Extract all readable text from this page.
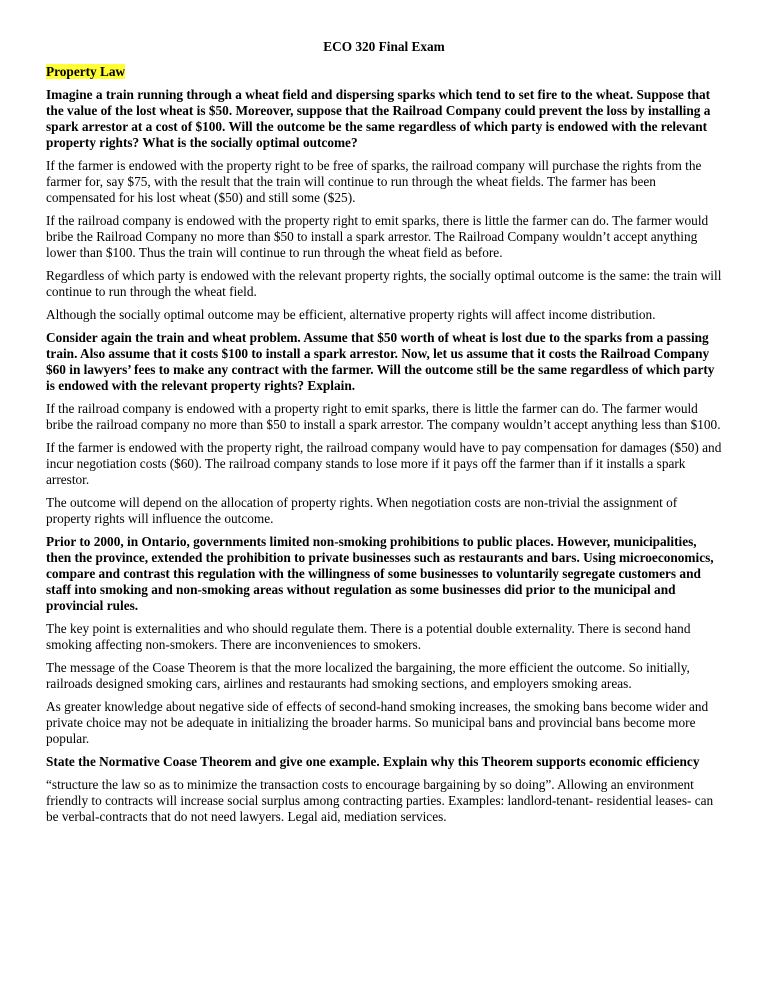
ECO 320 Final Exam
Property Law

Imagine a train running through a wheat field and dispersing sparks which tend to set fire to the wheat. Suppose that the value of the lost wheat is $50. Moreover, suppose that the Railroad Company could prevent the loss by installing a spark arrestor at a cost of $100. Will the outcome be the same regardless of which party is endowed with the relevant property rights? What is the socially optimal outcome?

If the farmer is endowed with the property right to be free of sparks, the railroad company will purchase the rights from the farmer for, say $75, with the result that the train will continue to run through the wheat fields. The farmer has been compensated for his lost wheat ($50) and still some ($25).

If the railroad company is endowed with the property right to emit sparks, there is little the farmer can do. The farmer would bribe the Railroad Company no more than $50 to install a spark arrestor. The Railroad Company wouldn’t accept anything lower than $100. Thus the train will continue to run through the wheat field as before.

Regardless of which party is endowed with the relevant property rights, the socially optimal outcome is the same: the train will continue to run through the wheat field.

Although the socially optimal outcome may be efficient, alternative property rights will affect income distribution.

Consider again the train and wheat problem. Assume that $50 worth of wheat is lost due to the sparks from a passing train. Also assume that it costs $100 to install a spark arrestor. Now, let us assume that it costs the Railroad Company $60 in lawyers’ fees to make any contract with the farmer. Will the outcome still be the same regardless of which party is endowed with the relevant property rights? Explain.

If the railroad company is endowed with a property right to emit sparks, there is little the farmer can do. The farmer would bribe the railroad company no more than $50 to install a spark arrestor. The company wouldn’t accept anything less than $100.

If the farmer is endowed with the property right, the railroad company would have to pay compensation for damages ($50) and incur negotiation costs ($60). The railroad company stands to lose more if it pays off the farmer than if it installs a spark arrestor.

The outcome will depend on the allocation of property rights. When negotiation costs are non-trivial the assignment of property rights will influence the outcome.

Prior to 2000, in Ontario, governments limited non-smoking prohibitions to public places. However, municipalities, then the province, extended the prohibition to private businesses such as restaurants and bars. Using microeconomics, compare and contrast this regulation with the willingness of some businesses to voluntarily segregate customers and staff into smoking and non-smoking areas without regulation as some businesses did prior to the municipal and provincial rules.

The key point is externalities and who should regulate them. There is a potential double externality. There is second hand smoking affecting non-smokers. There are inconveniences to smokers.

The message of the Coase Theorem is that the more localized the bargaining, the more efficient the outcome. So initially, railroads designed smoking cars, airlines and restaurants had smoking sections, and employers smoking areas.

As greater knowledge about negative side of effects of second-hand smoking increases, the smoking bans become wider and private choice may not be adequate in initializing the broader harms. So municipal bans and provincial bans become more popular.

State the Normative Coase Theorem and give one example. Explain why this Theorem supports economic efficiency

“structure the law so as to minimize the transaction costs to encourage bargaining by so doing”. Allowing an environment friendly to contracts will increase social surplus among contracting parties. Examples: landlord-tenant- residential leases- can be verbal-contracts that do not need lawyers. Legal aid, mediation services.
